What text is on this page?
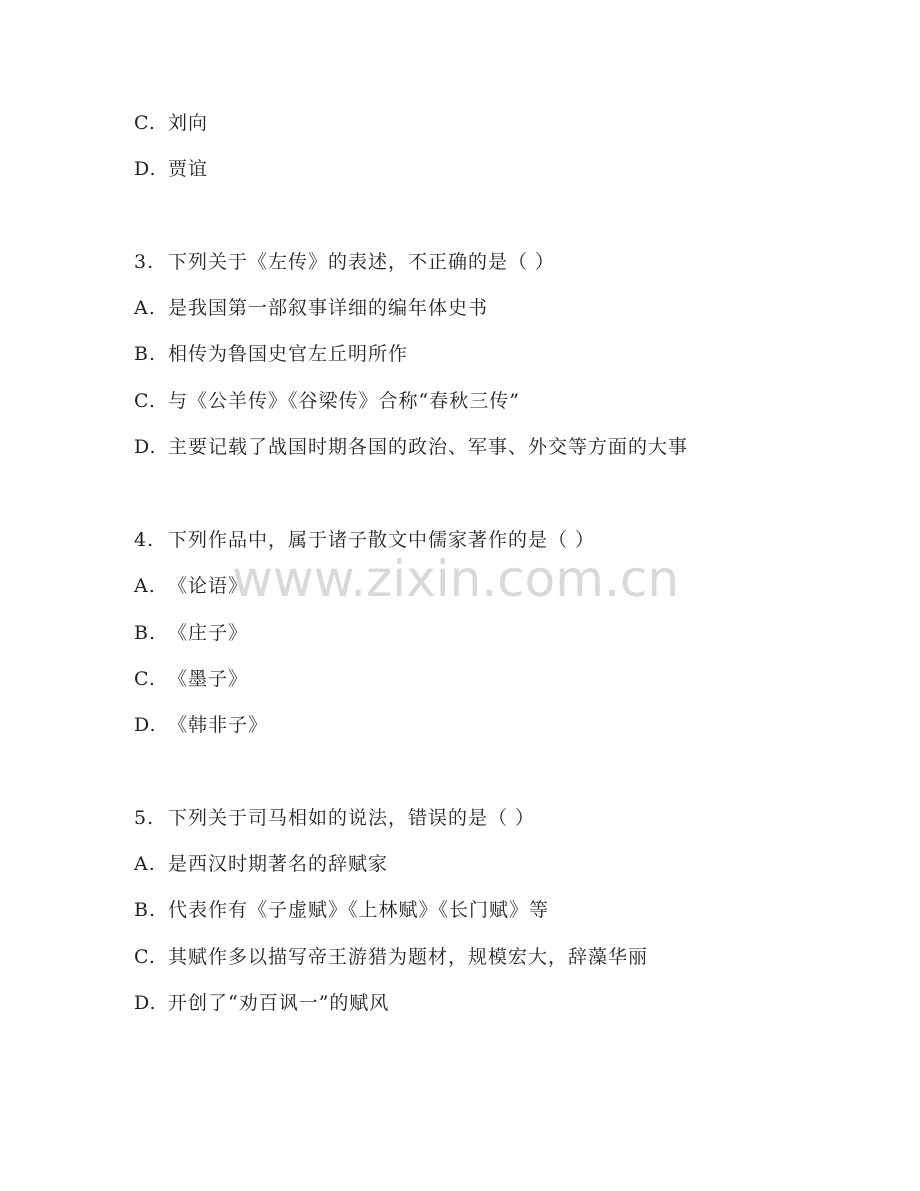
C. 刘向
D. 贾谊
3. 下列关于《左传》的表述，不正确的是（ ）
A. 是我国第一部叙事详细的编年体史书
B. 相传为鲁国史官左丘明所作
C. 与《公羊传》《谷梁传》合称“春秋三传”
D. 主要记载了战国时期各国的政治、军事、外交等方面的大事
4. 下列作品中，属于诸子散文中儒家著作的是（ ）
A. 《论语》
B. 《庄子》
C. 《墨子》
D. 《韩非子》
5. 下列关于司马相如的说法，错误的是（ ）
A. 是西汉时期著名的辞赋家
B. 代表作有《子虚赋》《上林赋》《长门赋》等
C. 其赋作多以描写帝王游猎为题材，规模宏大，辞藻华丽
D. 开创了“劝百讽一”的赋风
www.zixin.com.cn
